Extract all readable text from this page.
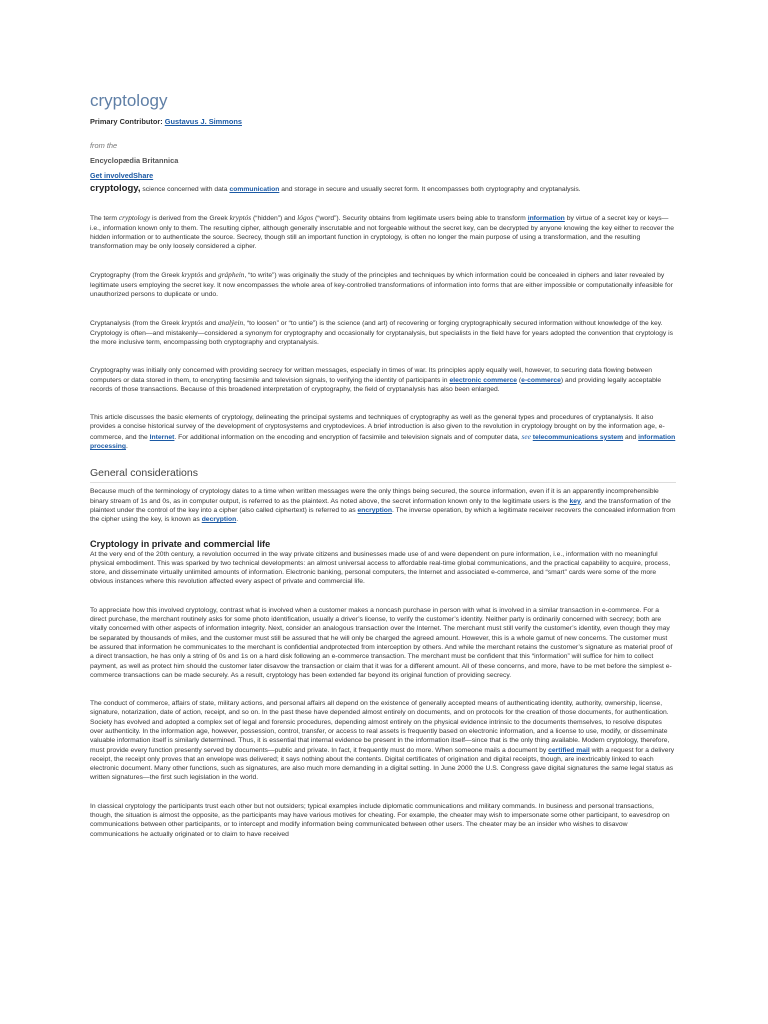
cryptology
Primary Contributor: Gustavus J. Simmons
from the
Encyclopædia Britannica
Get involvedShare

cryptology, science concerned with data communication and storage in secure and usually secret form. It encompasses both cryptography and cryptanalysis.

The term cryptology is derived from the Greek kryptós (“hidden”) and lógos (“word”). Security obtains from legitimate users being able to transform information by virtue of a secret key or keys—i.e., information known only to them. The resulting cipher, although generally inscrutable and not forgeable without the secret key, can be decrypted by anyone knowing the key either to recover the hidden information or to authenticate the source. Secrecy, though still an important function in cryptology, is often no longer the main purpose of using a transformation, and the resulting transformation may be only loosely considered a cipher.

Cryptography (from the Greek kryptós and gráphein, “to write”) was originally the study of the principles and techniques by which information could be concealed in ciphers and later revealed by legitimate users employing the secret key. It now encompasses the whole area of key-controlled transformations of information into forms that are either impossible or computationally infeasible for unauthorized persons to duplicate or undo.

Cryptanalysis (from the Greek kryptós and analýein, “to loosen” or “to untie”) is the science (and art) of recovering or forging cryptographically secured information without knowledge of the key. Cryptology is often—and mistakenly—considered a synonym for cryptography and occasionally for cryptanalysis, but specialists in the field have for years adopted the convention that cryptology is the more inclusive term, encompassing both cryptography and cryptanalysis.

Cryptography was initially only concerned with providing secrecy for written messages, especially in times of war. Its principles apply equally well, however, to securing data flowing between computers or data stored in them, to encrypting facsimile and television signals, to verifying the identity of participants in electronic commerce (e-commerce) and providing legally acceptable records of those transactions. Because of this broadened interpretation of cryptography, the field of cryptanalysis has also been enlarged.

This article discusses the basic elements of cryptology, delineating the principal systems and techniques of cryptography as well as the general types and procedures of cryptanalysis. It also provides a concise historical survey of the development of cryptosystems and cryptodevices. A brief introduction is also given to the revolution in cryptology brought on by the information age, e-commerce, and the Internet. For additional information on the encoding and encryption of facsimile and television signals and of computer data, see telecommunications system and information processing.

General considerations

Because much of the terminology of cryptology dates to a time when written messages were the only things being secured, the source information, even if it is an apparently incomprehensible binary stream of 1s and 0s, as in computer output, is referred to as the plaintext. As noted above, the secret information known only to the legitimate users is the key, and the transformation of the plaintext under the control of the key into a cipher (also called ciphertext) is referred to as encryption. The inverse operation, by which a legitimate receiver recovers the concealed information from the cipher using the key, is known as decryption.

Cryptology in private and commercial life

At the very end of the 20th century, a revolution occurred in the way private citizens and businesses made use of and were dependent on pure information, i.e., information with no meaningful physical embodiment. This was sparked by two technical developments: an almost universal access to affordable real-time global communications, and the practical capability to acquire, process, store, and disseminate virtually unlimited amounts of information. Electronic banking, personal computers, the Internet and associated e-commerce, and “smart” cards were some of the more obvious instances where this revolution affected every aspect of private and commercial life.

To appreciate how this involved cryptology, contrast what is involved when a customer makes a noncash purchase in person with what is involved in a similar transaction in e-commerce. For a direct purchase, the merchant routinely asks for some photo identification, usually a driver’s license, to verify the customer’s identity. Neither party is ordinarily concerned with secrecy; both are vitally concerned with other aspects of information integrity. Next, consider an analogous transaction over the Internet. The merchant must still verify the customer’s identity, even though they may be separated by thousands of miles, and the customer must still be assured that he will only be charged the agreed amount. However, this is a whole gamut of new concerns. The customer must be assured that information he communicates to the merchant is confidential andprotected from interception by others. And while the merchant retains the customer’s signature as material proof of a direct transaction, he has only a string of 0s and 1s on a hard disk following an e-commerce transaction. The merchant must be confident that this “information” will suffice for him to collect payment, as well as protect him should the customer later disavow the transaction or claim that it was for a different amount. All of these concerns, and more, have to be met before the simplest e-commerce transactions can be made securely. As a result, cryptology has been extended far beyond its original function of providing secrecy.

The conduct of commerce, affairs of state, military actions, and personal affairs all depend on the existence of generally accepted means of authenticating identity, authority, ownership, license, signature, notarization, date of action, receipt, and so on. In the past these have depended almost entirely on documents, and on protocols for the creation of those documents, for authentication. Society has evolved and adopted a complex set of legal and forensic procedures, depending almost entirely on the physical evidence intrinsic to the documents themselves, to resolve disputes over authenticity. In the information age, however, possession, control, transfer, or access to real assets is frequently based on electronic information, and a license to use, modify, or disseminate valuable information itself is similarly determined. Thus, it is essential that internal evidence be present in the information itself—since that is the only thing available. Modern cryptology, therefore, must provide every function presently served by documents—public and private. In fact, it frequently must do more. When someone mails a document by certified mail with a request for a delivery receipt, the receipt only proves that an envelope was delivered; it says nothing about the contents. Digital certificates of origination and digital receipts, though, are inextricably linked to each electronic document. Many other functions, such as signatures, are also much more demanding in a digital setting. In June 2000 the U.S. Congress gave digital signatures the same legal status as written signatures—the first such legislation in the world.

In classical cryptology the participants trust each other but not outsiders; typical examples include diplomatic communications and military commands. In business and personal transactions, though, the situation is almost the opposite, as the participants may have various motives for cheating. For example, the cheater may wish to impersonate some other participant, to eavesdrop on communications between other participants, or to intercept and modify information being communicated between other users. The cheater may be an insider who wishes to disavow communications he actually originated or to claim to have received
